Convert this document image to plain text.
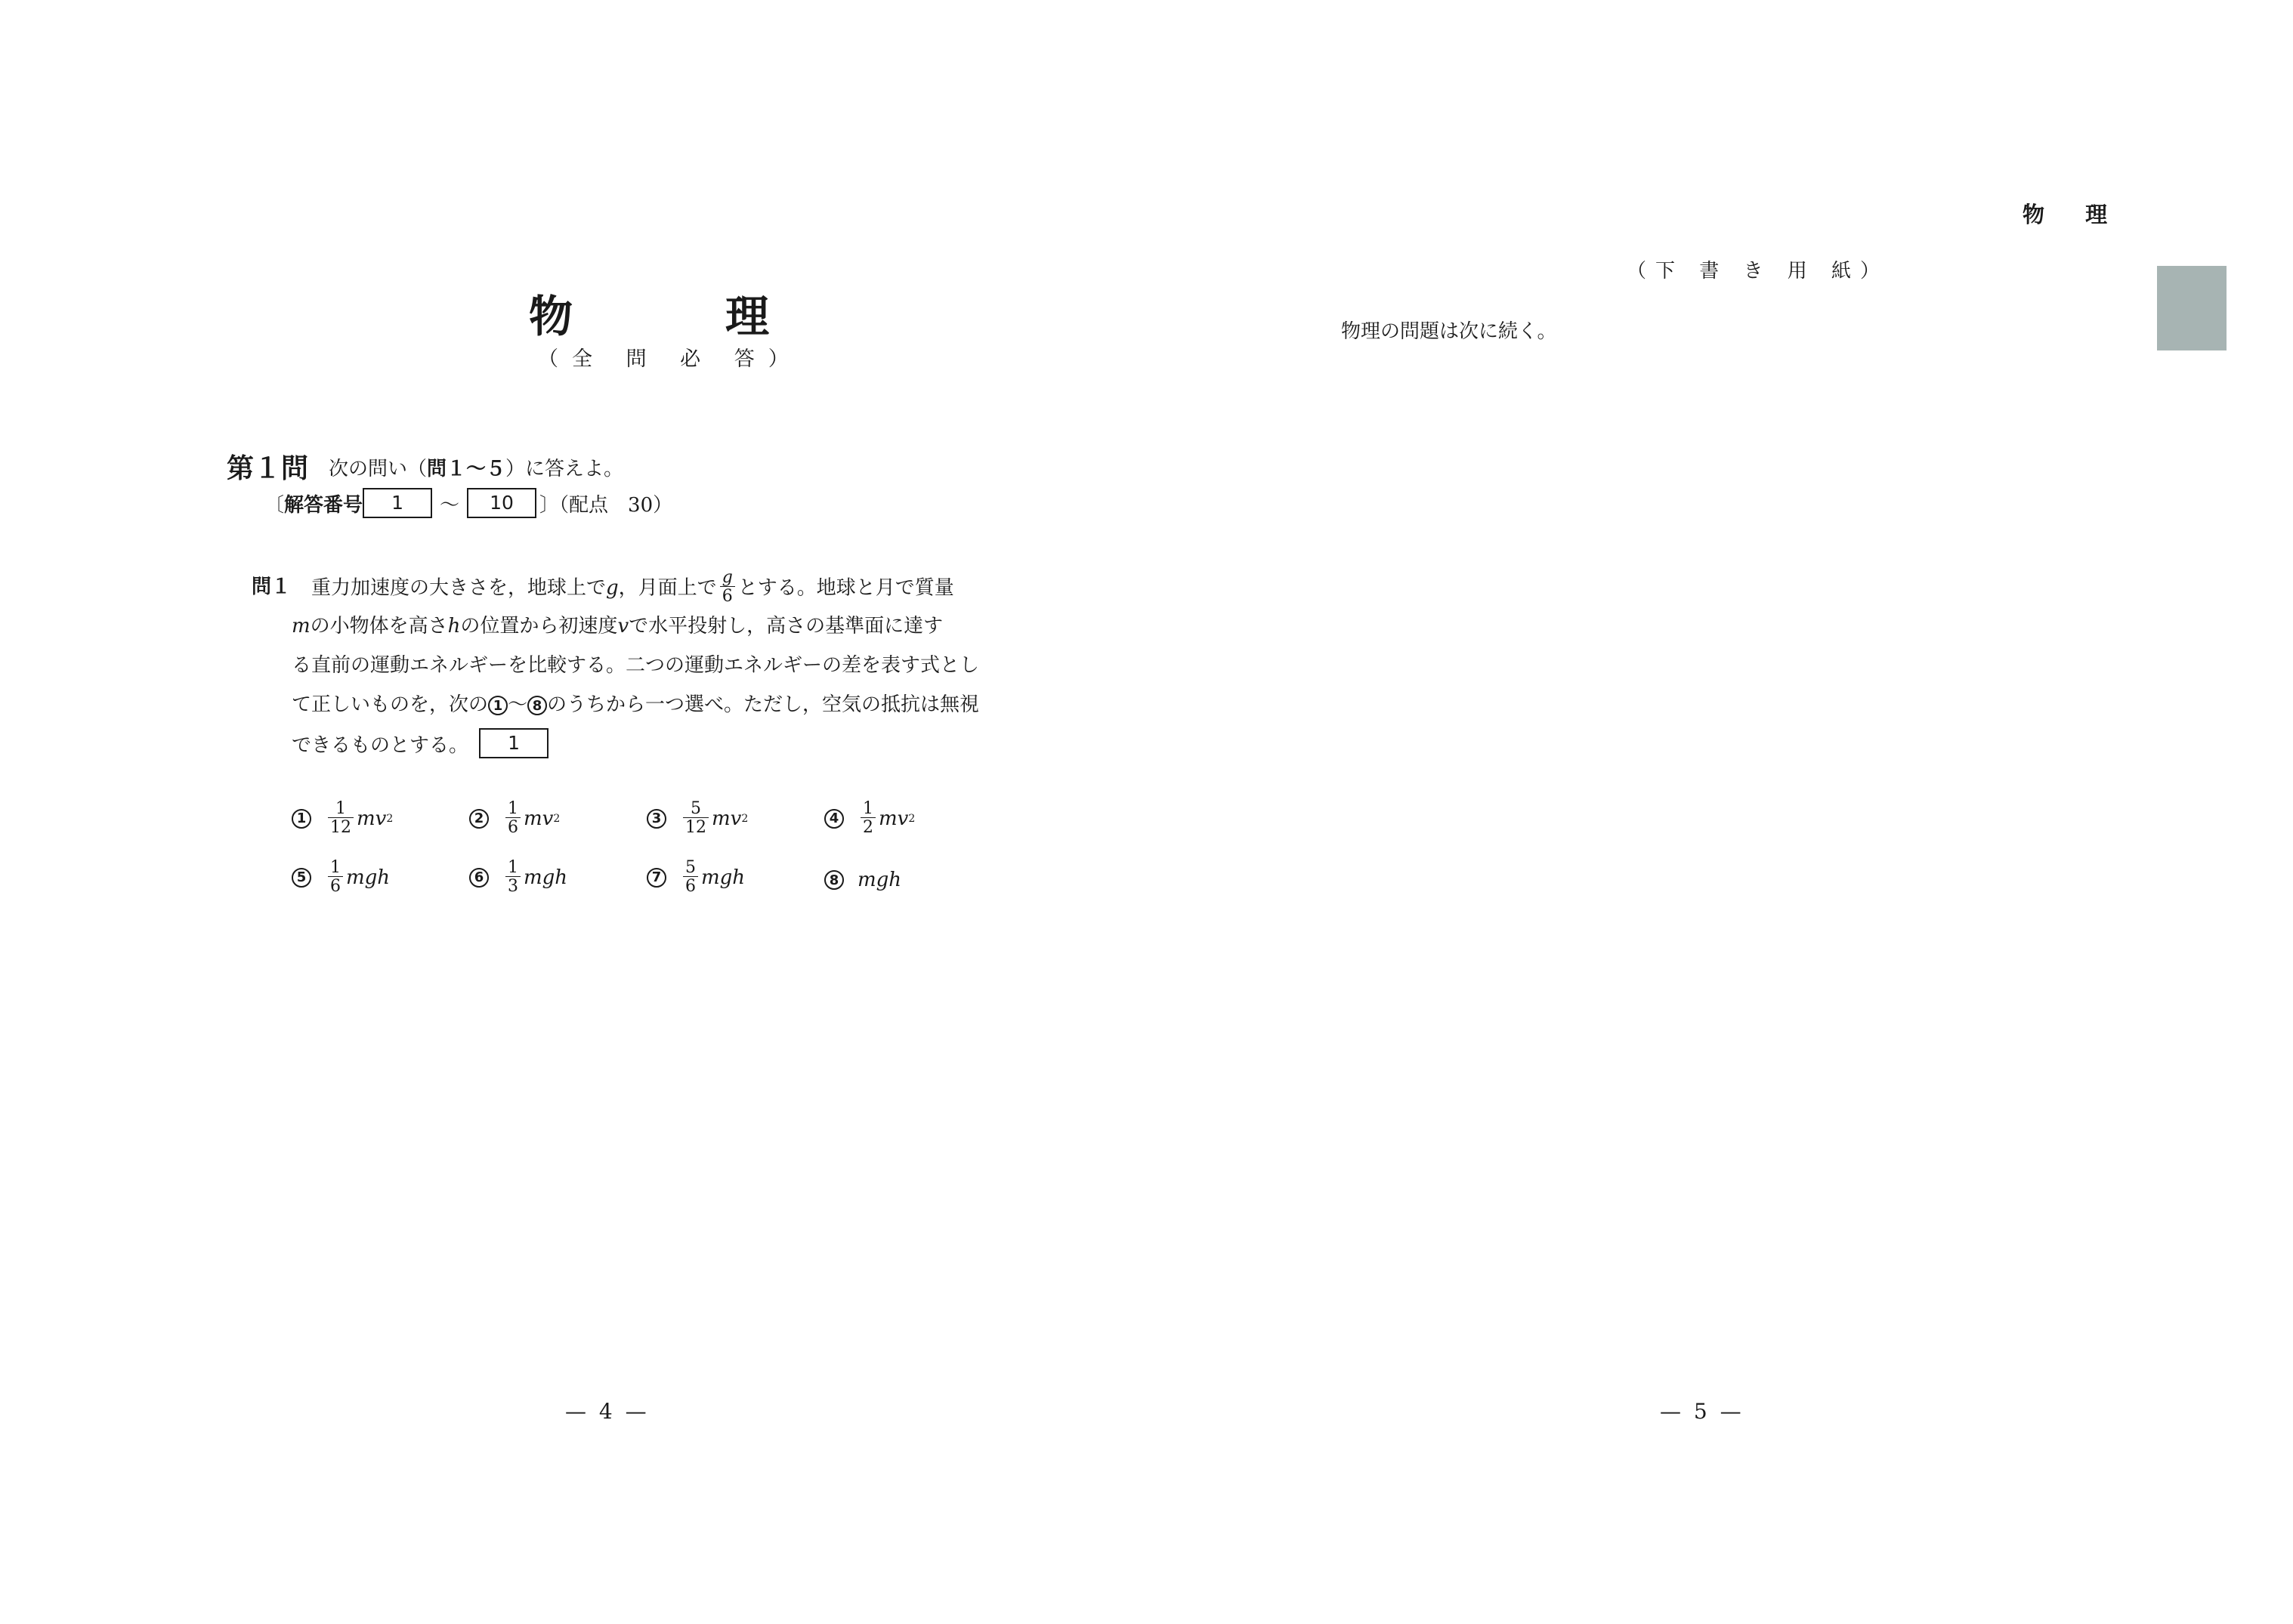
物　理
（全 問 必 答）
第１問 次の問い（問１～５）に答えよ。
〔 解答番号	1	～	10	〕（配点　30）
問１ 重力加速度の大きさを，地球上でg，月面上で $\frac{g}{6}$ とする。地球と月で質量
mの小物体を高さhの位置から初速度vで水平投射し，高さの基準面に達す
る直前の運動エネルギーを比較する。二つの運動エネルギーの差を表す式とし
て正しいものを，次の 1 ～ 8 のうちから一つ選べ。ただし，空気の抵抗は無視
できるものとする。	1
1	$\frac{1}{12}$ mv 2	2	$\frac{1}{6}$ mv 2	3	$\frac{5}{12}$ mv 2	4	$\frac{1}{2}$ mv 2
5	$\frac{1}{6}$ mgh	6	$\frac{1}{3}$ mgh	7	$\frac{5}{6}$ mgh	8 mgh
— 4 —
物 理
（下 書 き 用 紙）
物理の問題は次に続く。
— 5 —
